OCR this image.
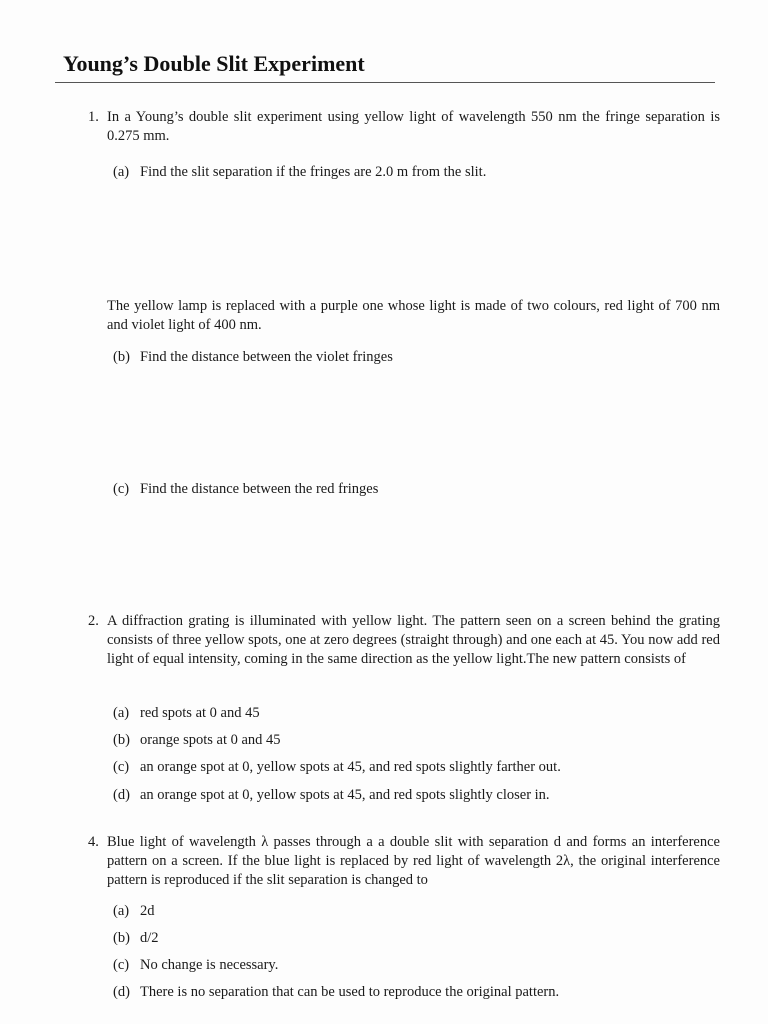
Young’s Double Slit Experiment
1. In a Young’s double slit experiment using yellow light of wavelength 550 nm the fringe separation is 0.275 mm.

(a) Find the slit separation if the fringes are 2.0 m from the slit.

The yellow lamp is replaced with a purple one whose light is made of two colours, red light of 700 nm and violet light of 400 nm.

(b) Find the distance between the violet fringes
(c) Find the distance between the red fringes
2. A diffraction grating is illuminated with yellow light. The pattern seen on a screen behind the grating consists of three yellow spots, one at zero degrees (straight through) and one each at 45. You now add red light of equal intensity, coming in the same direction as the yellow light.The new pattern consists of

(a) red spots at 0 and 45
(b) orange spots at 0 and 45
(c) an orange spot at 0, yellow spots at 45, and red spots slightly farther out.
(d) an orange spot at 0, yellow spots at 45, and red spots slightly closer in.
4. Blue light of wavelength λ passes through a a double slit with separation d and forms an interference pattern on a screen. If the blue light is replaced by red light of wavelength 2λ, the original interference pattern is reproduced if the slit separation is changed to

(a) 2d
(b) d/2
(c) No change is necessary.
(d) There is no separation that can be used to reproduce the original pattern.
